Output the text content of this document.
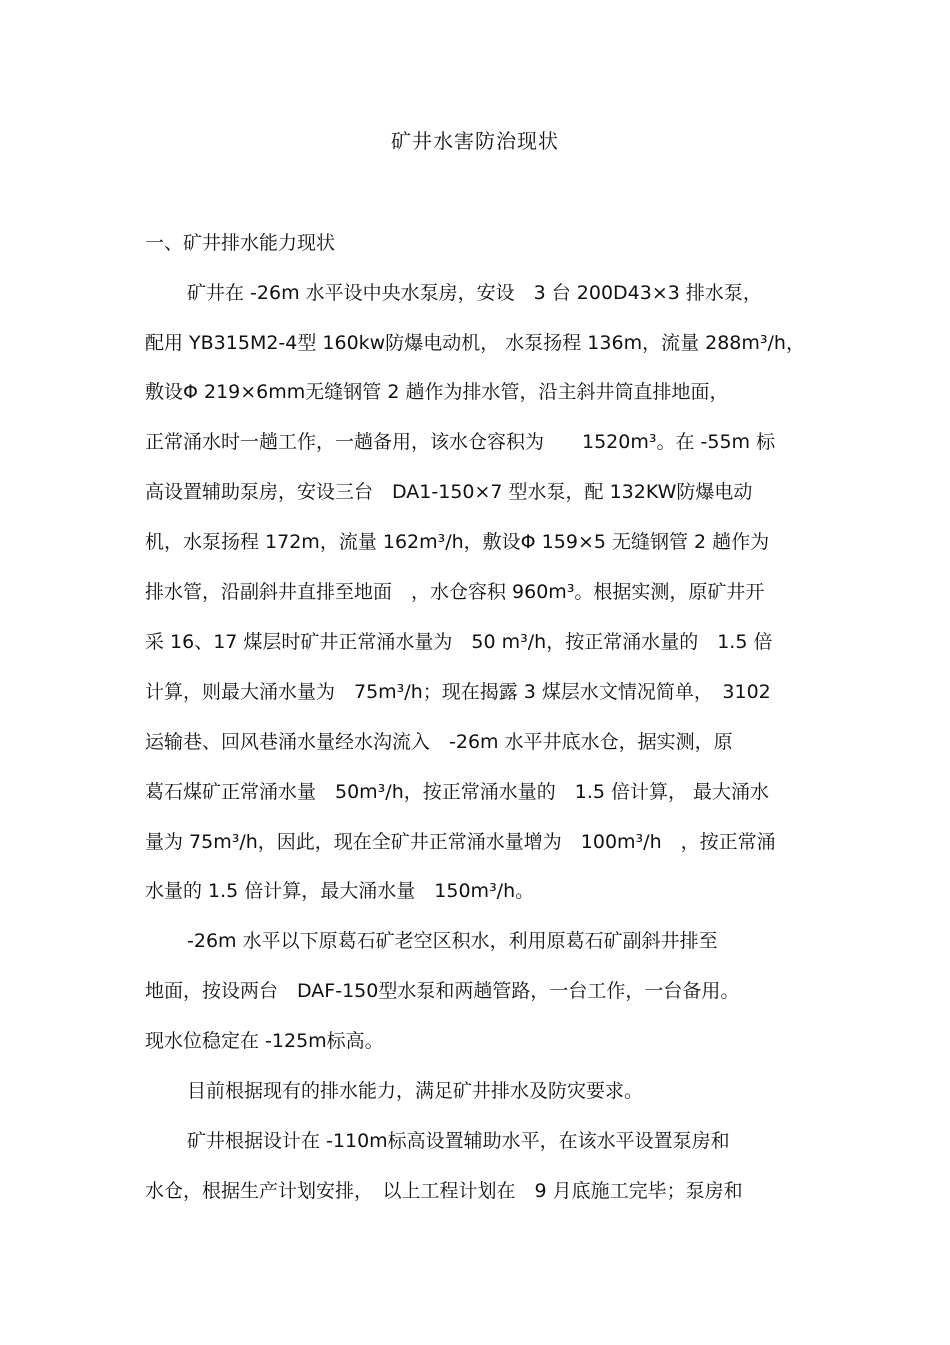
矿井水害防治现状
一、矿井排水能力现状
矿井在 -26m 水平设中央水泵房，安设　3 台 200D43×3 排水泵，
配用 YB315M2-4型 160kw防爆电动机， 水泵扬程 136m，流量 288m³/h，
敷设Φ 219×6mm无缝钢管 2 趟作为排水管，沿主斜井筒直排地面，
正常涌水时一趟工作，一趟备用，该水仓容积为　　1520m³。在 -55m 标
高设置辅助泵房，安设三台　DA1-150×7 型水泵，配 132KW防爆电动
机，水泵扬程 172m，流量 162m³/h，敷设Φ 159×5 无缝钢管 2 趟作为
排水管，沿副斜井直排至地面　，水仓容积 960m³。根据实测，原矿井开
采 16、17 煤层时矿井正常涌水量为　50 m³/h，按正常涌水量的　1.5 倍
计算，则最大涌水量为　75m³/h；现在揭露 3 煤层水文情况简单，　3102
运输巷、回风巷涌水量经水沟流入　-26m 水平井底水仓，据实测，原
葛石煤矿正常涌水量　50m³/h，按正常涌水量的　1.5 倍计算， 最大涌水
量为 75m³/h，因此，现在全矿井正常涌水量增为　100m³/h　，按正常涌
水量的 1.5 倍计算，最大涌水量　150m³/h。
-26m 水平以下原葛石矿老空区积水，利用原葛石矿副斜井排至
地面，按设两台　DAF-150型水泵和两趟管路，一台工作，一台备用。
现水位稳定在 -125m标高。
目前根据现有的排水能力，满足矿井排水及防灾要求。
矿井根据设计在 -110m标高设置辅助水平，在该水平设置泵房和
水仓，根据生产计划安排，　以上工程计划在　9 月底施工完毕；泵房和
